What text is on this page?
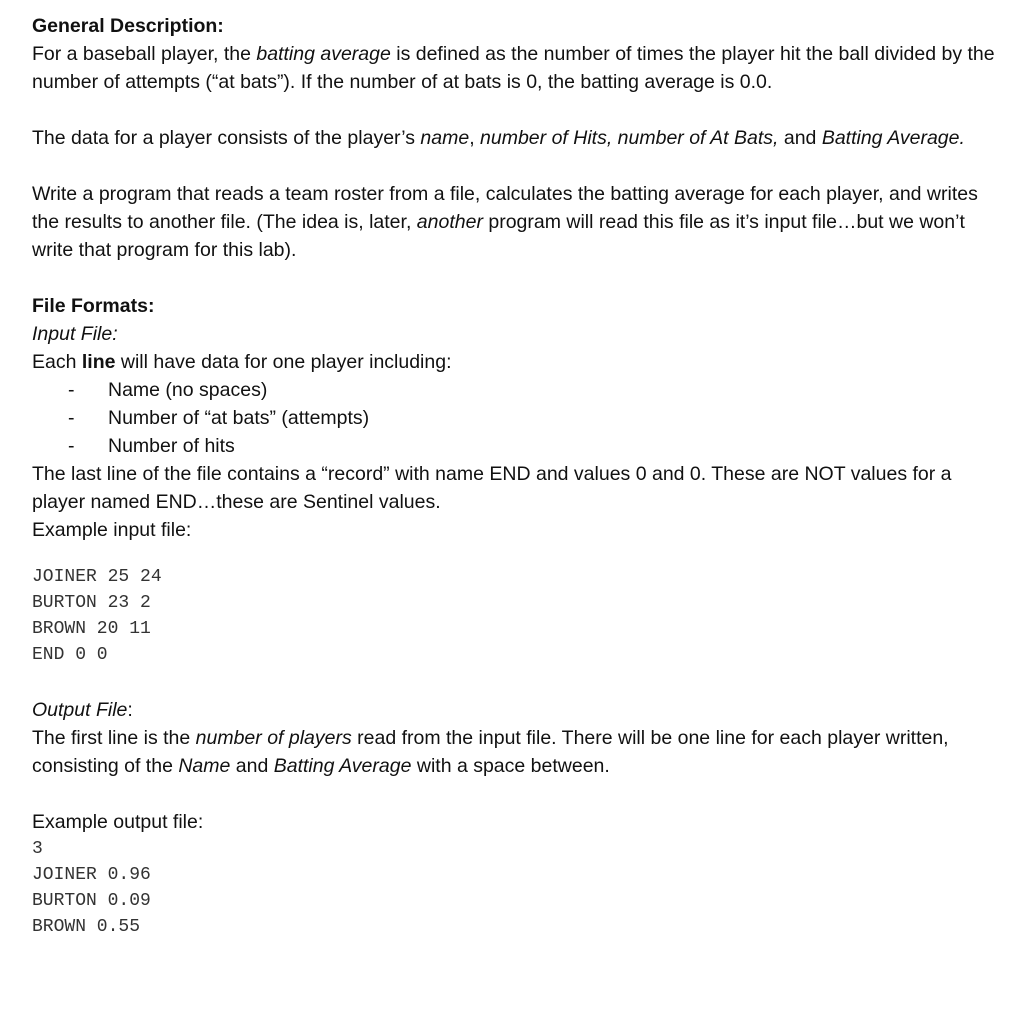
General Description:

For a baseball player, the batting average is defined as the number of times the player hit the ball divided by the number of attempts (“at bats”). If the number of at bats is 0, the batting average is 0.0.

The data for a player consists of the player’s name, number of Hits, number of At Bats, and Batting Average.

Write a program that reads a team roster from a file, calculates the batting average for each player, and writes the results to another file. (The idea is, later, another program will read this file as it’s input file…but we won’t write that program for this lab).

File Formats:

Input File:

Each line will have data for one player including:

- Name (no spaces)
- Number of “at bats” (attempts)
- Number of hits

The last line of the file contains a “record” with name END and values 0 and 0. These are NOT values for a player named END…these are Sentinel values.

Example input file:

JOINER 25 24

BURTON 23 2

BROWN 20 11

END 0 0

Output File:

The first line is the number of players read from the input file. There will be one line for each player written, consisting of the Name and Batting Average with a space between.

Example output file:

3

JOINER 0.96

BURTON 0.09

BROWN 0.55
